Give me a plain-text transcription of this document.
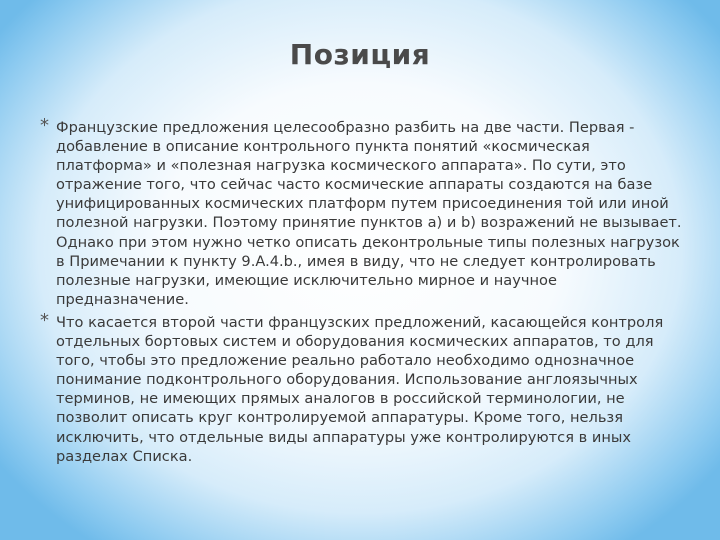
Позиция
* Французские предложения целесообразно разбить на две части. Первая - добавление в описание контрольного пункта понятий «космическая платформа» и «полезная нагрузка космического аппарата». По сути, это отражение того, что сейчас часто космические аппараты создаются на базе унифицированных космических платформ путем присоединения той или иной полезной нагрузки. Поэтому принятие пунктов а) и b) возражений не вызывает. Однако при этом нужно четко описать деконтрольные типы полезных нагрузок в Примечании к пункту 9.A.4.b., имея в виду, что не следует контролировать полезные нагрузки, имеющие исключительно мирное и научное предназначение.
* Что касается второй части французских предложений, касающейся контроля отдельных бортовых систем и оборудования космических аппаратов, то для того, чтобы это предложение реально работало необходимо однозначное понимание подконтрольного оборудования. Использование англоязычных терминов, не имеющих прямых аналогов в российской терминологии, не позволит описать круг контролируемой аппаратуры. Кроме того, нельзя исключить, что отдельные виды аппаратуры уже контролируются в иных разделах Списка.
